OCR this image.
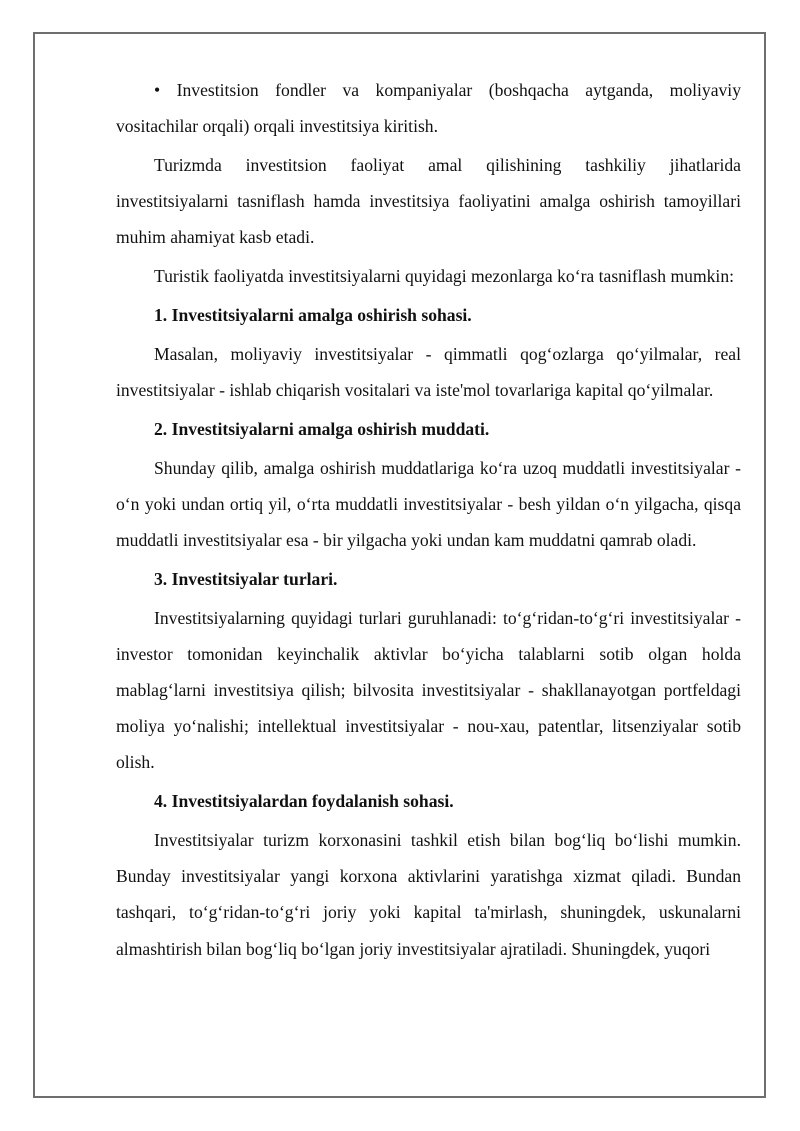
• Investitsion fondler va kompaniyalar (boshqacha aytganda, moliyaviy vositachilar orqali) orqali investitsiya kiritish.

Turizmda investitsion faoliyat amal qilishining tashkiliy jihatlarida investitsiyalarni tasniflash hamda investitsiya faoliyatini amalga oshirish tamoyillari muhim ahamiyat kasb etadi.

Turistik faoliyatda investitsiyalarni quyidagi mezonlarga ko‘ra tasniflash mumkin:

1. Investitsiyalarni amalga oshirish sohasi.

Masalan, moliyaviy investitsiyalar - qimmatli qog‘ozlarga qo‘yilmalar, real investitsiyalar - ishlab chiqarish vositalari va iste'mol tovarlariga kapital qo‘yilmalar.

2. Investitsiyalarni amalga oshirish muddati.

Shunday qilib, amalga oshirish muddatlariga ko‘ra uzoq muddatli investitsiyalar - o‘n yoki undan ortiq yil, o‘rta muddatli investitsiyalar - besh yildan o‘n yilgacha, qisqa muddatli investitsiyalar esa - bir yilgacha yoki undan kam muddatni qamrab oladi.

3. Investitsiyalar turlari.

Investitsiyalarning quyidagi turlari guruhlanadi: to‘g‘ridan-to‘g‘ri investitsiyalar - investor tomonidan keyinchalik aktivlar bo‘yicha talablarni sotib olgan holda mablag‘larni investitsiya qilish; bilvosita investitsiyalar - shakllanayotgan portfeldagi moliya yo‘nalishi; intellektual investitsiyalar - nou-xau, patentlar, litsenziyalar sotib olish.

4. Investitsiyalardan foydalanish sohasi.

Investitsiyalar turizm korxonasini tashkil etish bilan bog‘liq bo‘lishi mumkin. Bunday investitsiyalar yangi korxona aktivlarini yaratishga xizmat qiladi. Bundan tashqari, to‘g‘ridan-to‘g‘ri joriy yoki kapital ta'mirlash, shuningdek, uskunalarni almashtirish bilan bog‘liq bo‘lgan joriy investitsiyalar ajratiladi. Shuningdek, yuqori
